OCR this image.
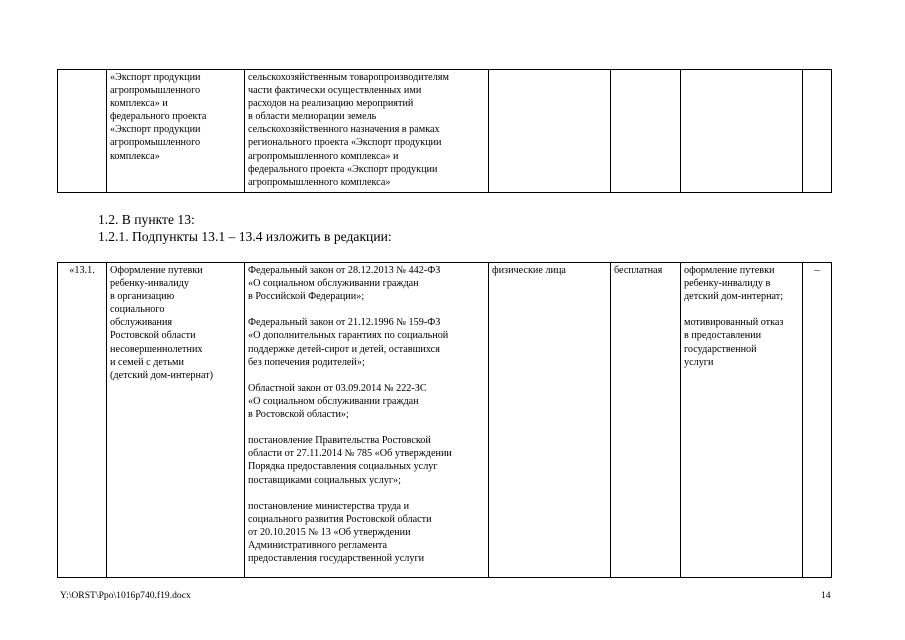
	«Экспорт продукции
агропромышленного
комплекса» и
федерального проекта
«Экспорт продукции
агропромышленного
комплекса»	сельскохозяйственным товаропроизводителям
части фактически осуществленных ими
расходов на реализацию мероприятий
в области мелиорации земель
сельскохозяйственного назначения в рамках
регионального проекта «Экспорт продукции
агропромышленного комплекса» и
федерального проекта «Экспорт продукции
агропромышленного комплекса»				
1.2. В пункте 13:
1.2.1. Подпункты 13.1 – 13.4 изложить в редакции:
«13.1.	Оформление путевки
ребенку-инвалиду
в организацию
социального
обслуживания
Ростовской области
несовершеннолетних
и семей с детьми
(детский дом-интернат)	Федеральный закон от 28.12.2013 № 442-ФЗ
«О социальном обслуживании граждан
в Российской Федерации»;

Федеральный закон от 21.12.1996 № 159-ФЗ
«О дополнительных гарантиях по социальной
поддержке детей-сирот и детей, оставшихся
без попечения родителей»;

Областной закон от 03.09.2014 № 222-ЗС
«О социальном обслуживании граждан
в Ростовской области»;

постановление Правительства Ростовской
области от 27.11.2014 № 785 «Об утверждении
Порядка предоставления социальных услуг
поставщиками социальных услуг»;

постановление министерства труда и
социального развития Ростовской области
от 20.10.2015 № 13 «Об утверждении
Административного регламента
предоставления государственной услуги	физические лица	бесплатная	оформление путевки
ребенку-инвалиду в
детский дом-интернат;

мотивированный отказ
в предоставлении
государственной
услуги	–
Y:\ORST\Ppo\1016p740.f19.docx	14
